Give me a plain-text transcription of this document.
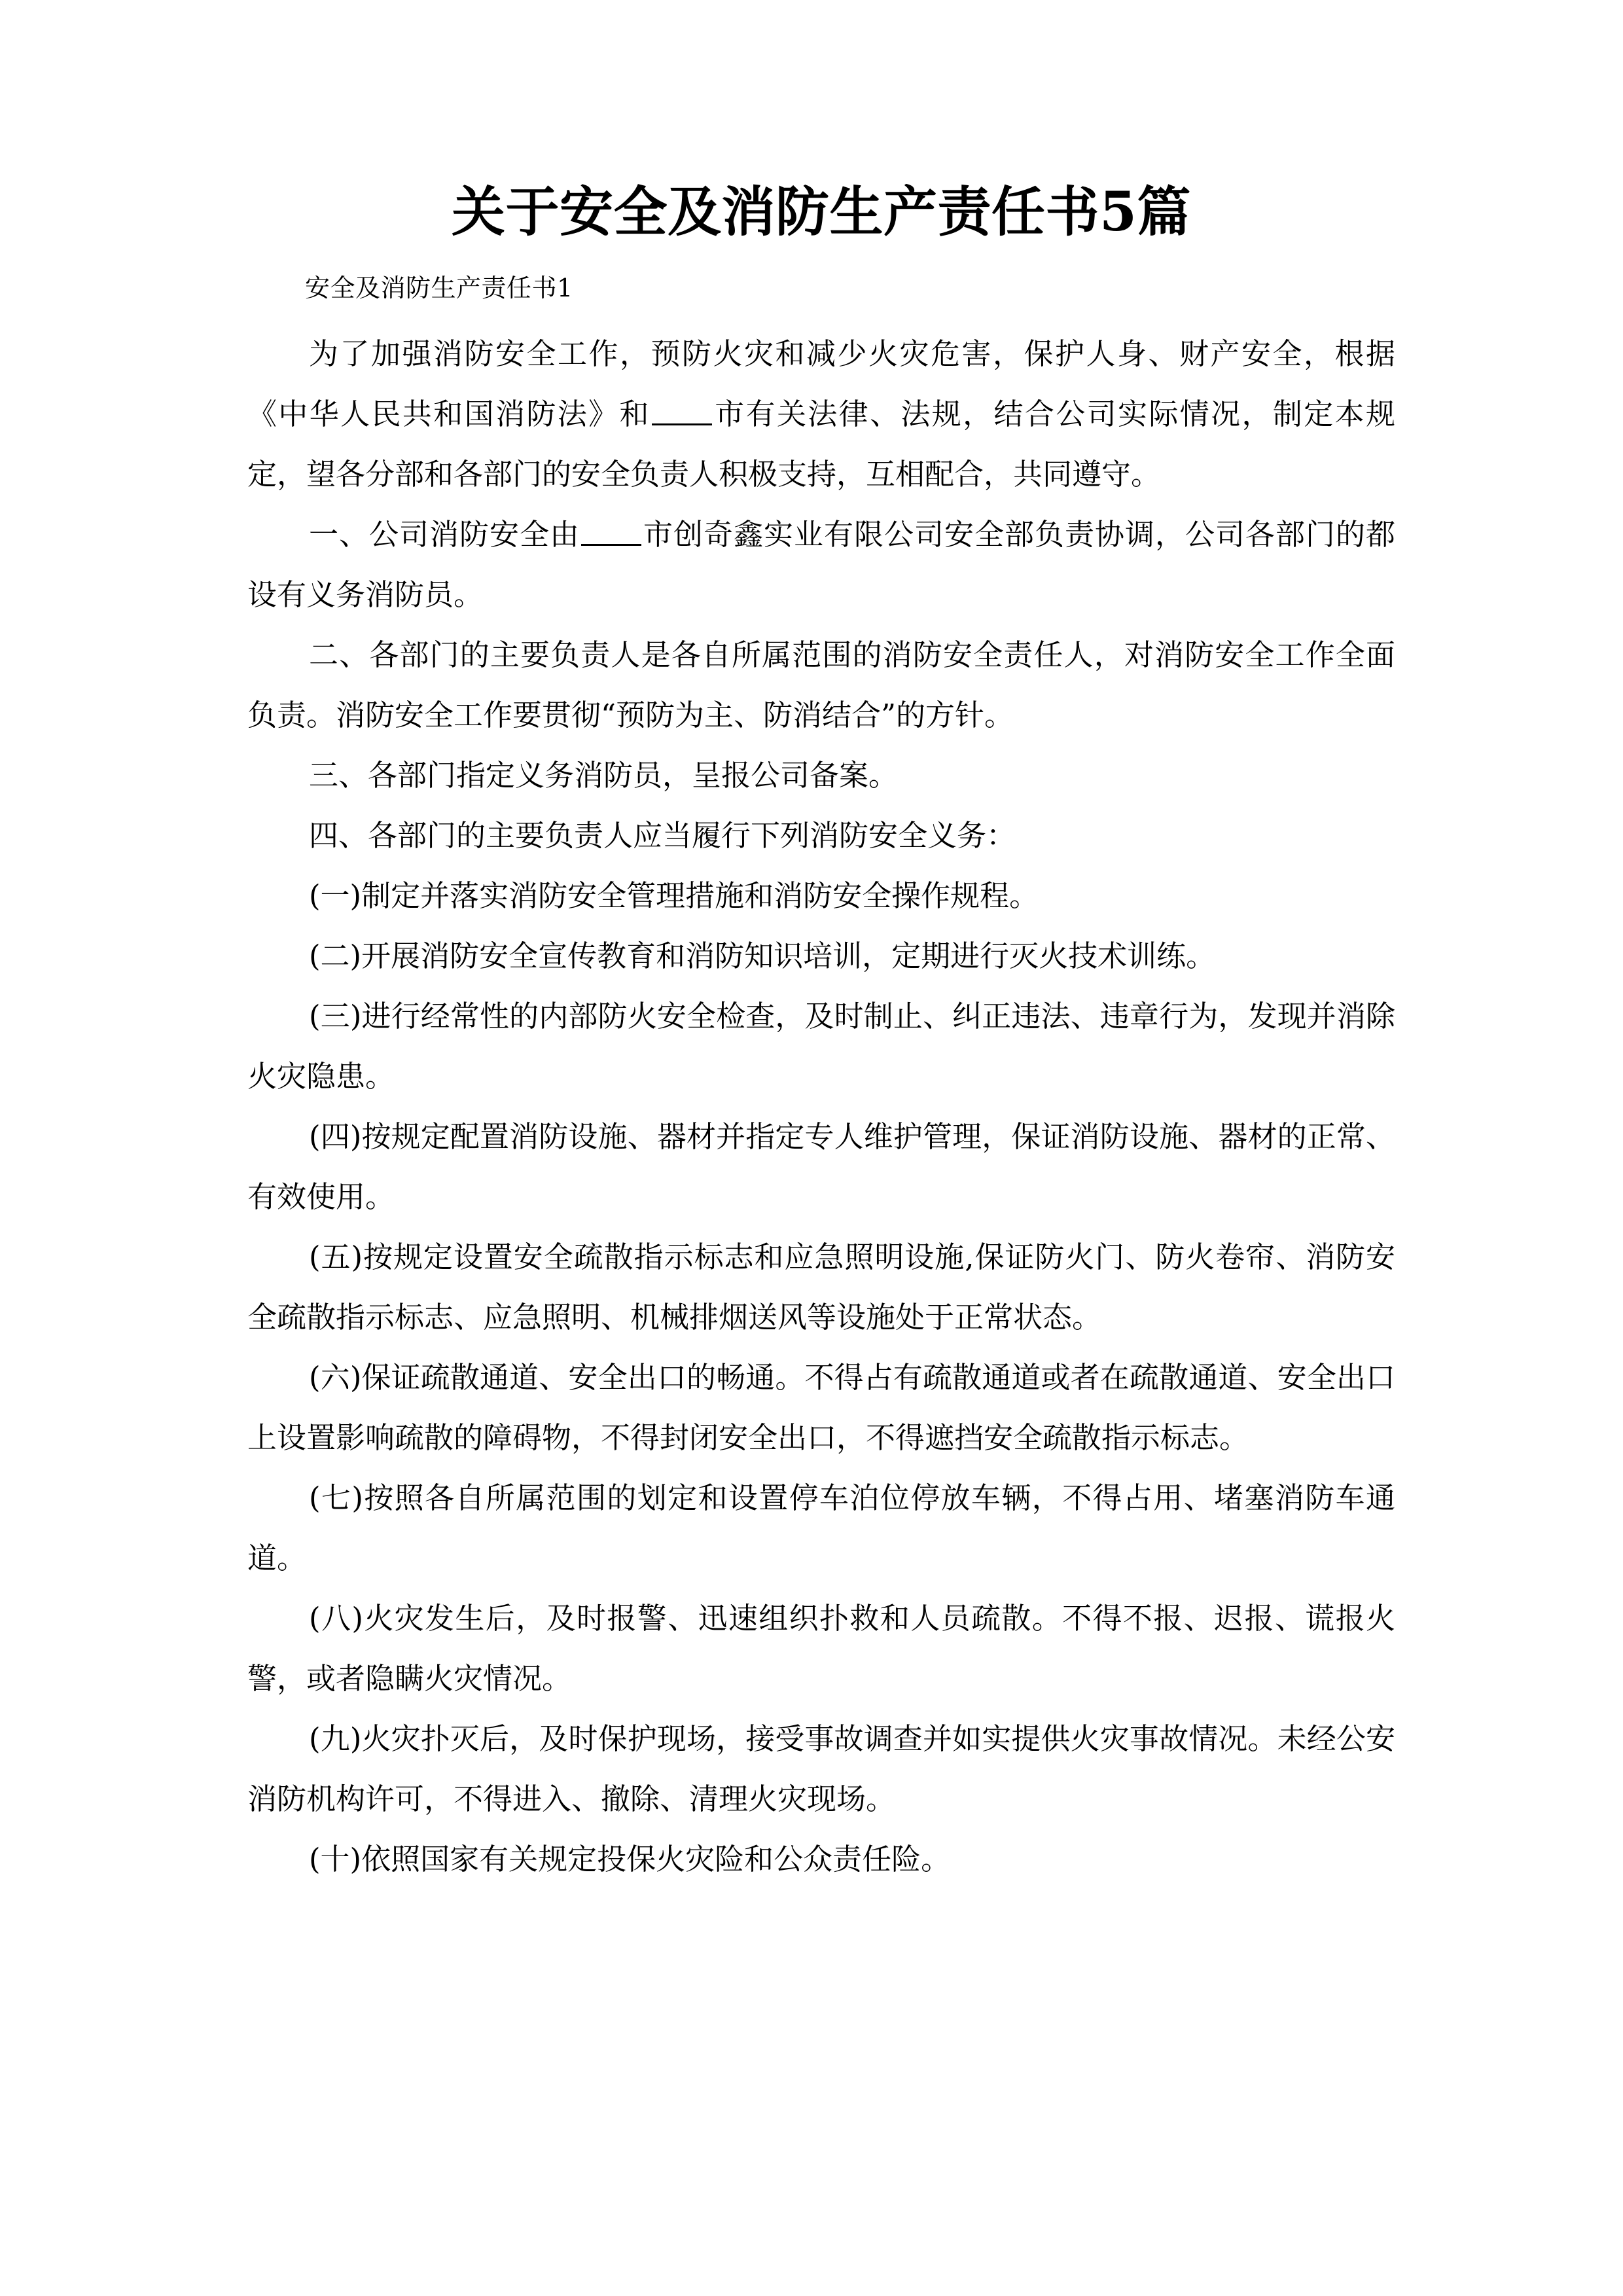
关于安全及消防生产责任书5篇
安全及消防生产责任书1

为了加强消防安全工作，预防火灾和减少火灾危害，保护人身、财产安全，根据《中华人民共和国消防法》和 市有关法律、法规，结合公司实际情况，制定本规定，望各分部和各部门的安全负责人积极支持，互相配合，共同遵守。

一、公司消防安全由 市创奇鑫实业有限公司安全部负责协调，公司各部门的都设有义务消防员。

二、各部门的主要负责人是各自所属范围的消防安全责任人，对消防安全工作全面负责。消防安全工作要贯彻“预防为主、防消结合”的方针。

三、各部门指定义务消防员，呈报公司备案。

四、各部门的主要负责人应当履行下列消防安全义务：

(一)制定并落实消防安全管理措施和消防安全操作规程。

(二)开展消防安全宣传教育和消防知识培训，定期进行灭火技术训练。

(三)进行经常性的内部防火安全检查，及时制止、纠正违法、违章行为，发现并消除火灾隐患。

(四)按规定配置消防设施、器材并指定专人维护管理，保证消防设施、器材的正常、有效使用。

(五)按规定设置安全疏散指示标志和应急照明设施,保证防火门、防火卷帘、消防安全疏散指示标志、应急照明、机械排烟送风等设施处于正常状态。

(六)保证疏散通道、安全出口的畅通。不得占有疏散通道或者在疏散通道、安全出口上设置影响疏散的障碍物，不得封闭安全出口，不得遮挡安全疏散指示标志。

(七)按照各自所属范围的划定和设置停车泊位停放车辆，不得占用、堵塞消防车通道。

(八)火灾发生后，及时报警、迅速组织扑救和人员疏散。不得不报、迟报、谎报火警，或者隐瞒火灾情况。

(九)火灾扑灭后，及时保护现场，接受事故调查并如实提供火灾事故情况。未经公安消防机构许可，不得进入、撤除、清理火灾现场。

(十)依照国家有关规定投保火灾险和公众责任险。
